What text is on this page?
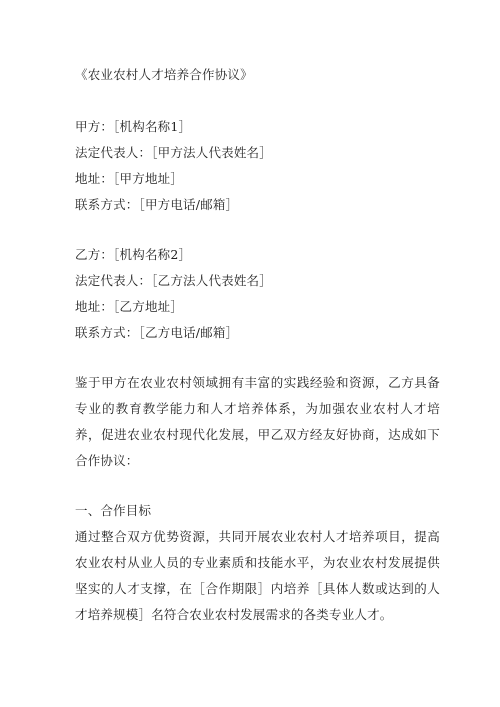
《农业农村人才培养合作协议》

甲方：［机构名称1］

法定代表人：［甲方法人代表姓名］

地址：［甲方地址］

联系方式：［甲方电话/邮箱］

乙方：［机构名称2］

法定代表人：［乙方法人代表姓名］

地址：［乙方地址］

联系方式：［乙方电话/邮箱］

鉴于甲方在农业农村领域拥有丰富的实践经验和资源，乙方具备专业的教育教学能力和人才培养体系，为加强农业农村人才培养，促进农业农村现代化发展，甲乙双方经友好协商，达成如下合作协议：

一、合作目标

通过整合双方优势资源，共同开展农业农村人才培养项目，提高农业农村从业人员的专业素质和技能水平，为农业农村发展提供坚实的人才支撑，在［合作期限］内培养［具体人数或达到的人才培养规模］名符合农业农村发展需求的各类专业人才。
